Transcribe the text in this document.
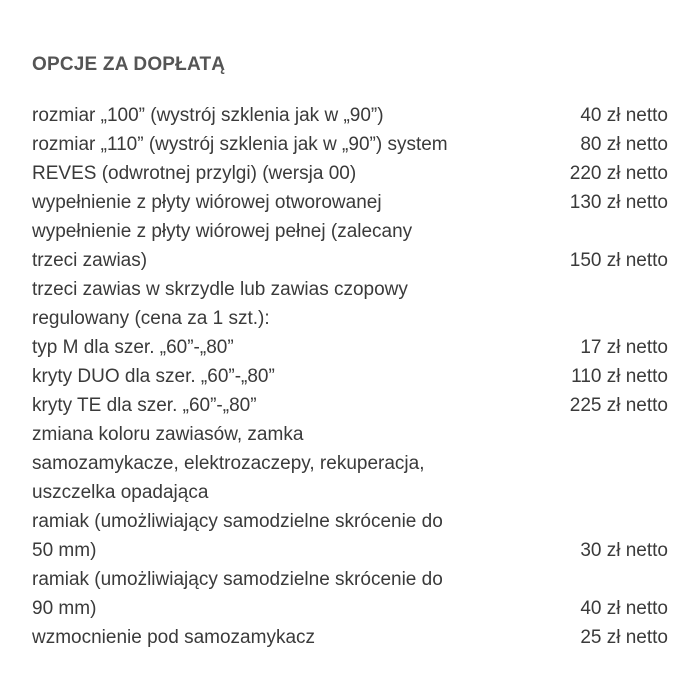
OPCJE ZA DOPŁATĄ
rozmiar „100” (wystrój szklenia jak w „90”)	40 zł netto
rozmiar „110” (wystrój szklenia jak w „90”) system	80 zł netto
REVES (odwrotnej przylgi) (wersja 00)	220 zł netto
wypełnienie z płyty wiórowej otworowanej	130 zł netto
wypełnienie z płyty wiórowej pełnej (zalecany
trzeci zawias)	150 zł netto
trzeci zawias w skrzydle lub zawias czopowy
regulowany (cena za 1 szt.):
typ M dla szer. „60”-„80”	17 zł netto
kryty DUO dla szer. „60”-„80”	110 zł netto
kryty TE dla szer. „60”-„80”	225 zł netto
zmiana koloru zawiasów, zamka
samozamykacze, elektrozaczepy, rekuperacja,
uszczelka opadająca
ramiak (umożliwiający samodzielne skrócenie do
50 mm)	30 zł netto
ramiak (umożliwiający samodzielne skrócenie do
90 mm)	40 zł netto
wzmocnienie pod samozamykacz	25 zł netto
